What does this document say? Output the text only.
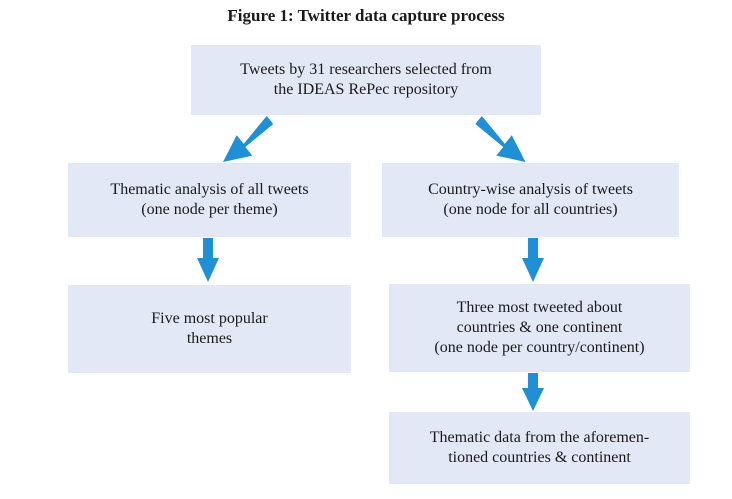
Figure 1: Twitter data capture process
Tweets by 31 researchers selected from
the IDEAS RePec repository
Thematic analysis of all tweets
(one node per theme)
Country-wise analysis of tweets
(one node for all countries)
Five most popular
themes
Three most tweeted about
countries & one continent
(one node per country/continent)
Thematic data from the aforemen-
tioned countries & continent
